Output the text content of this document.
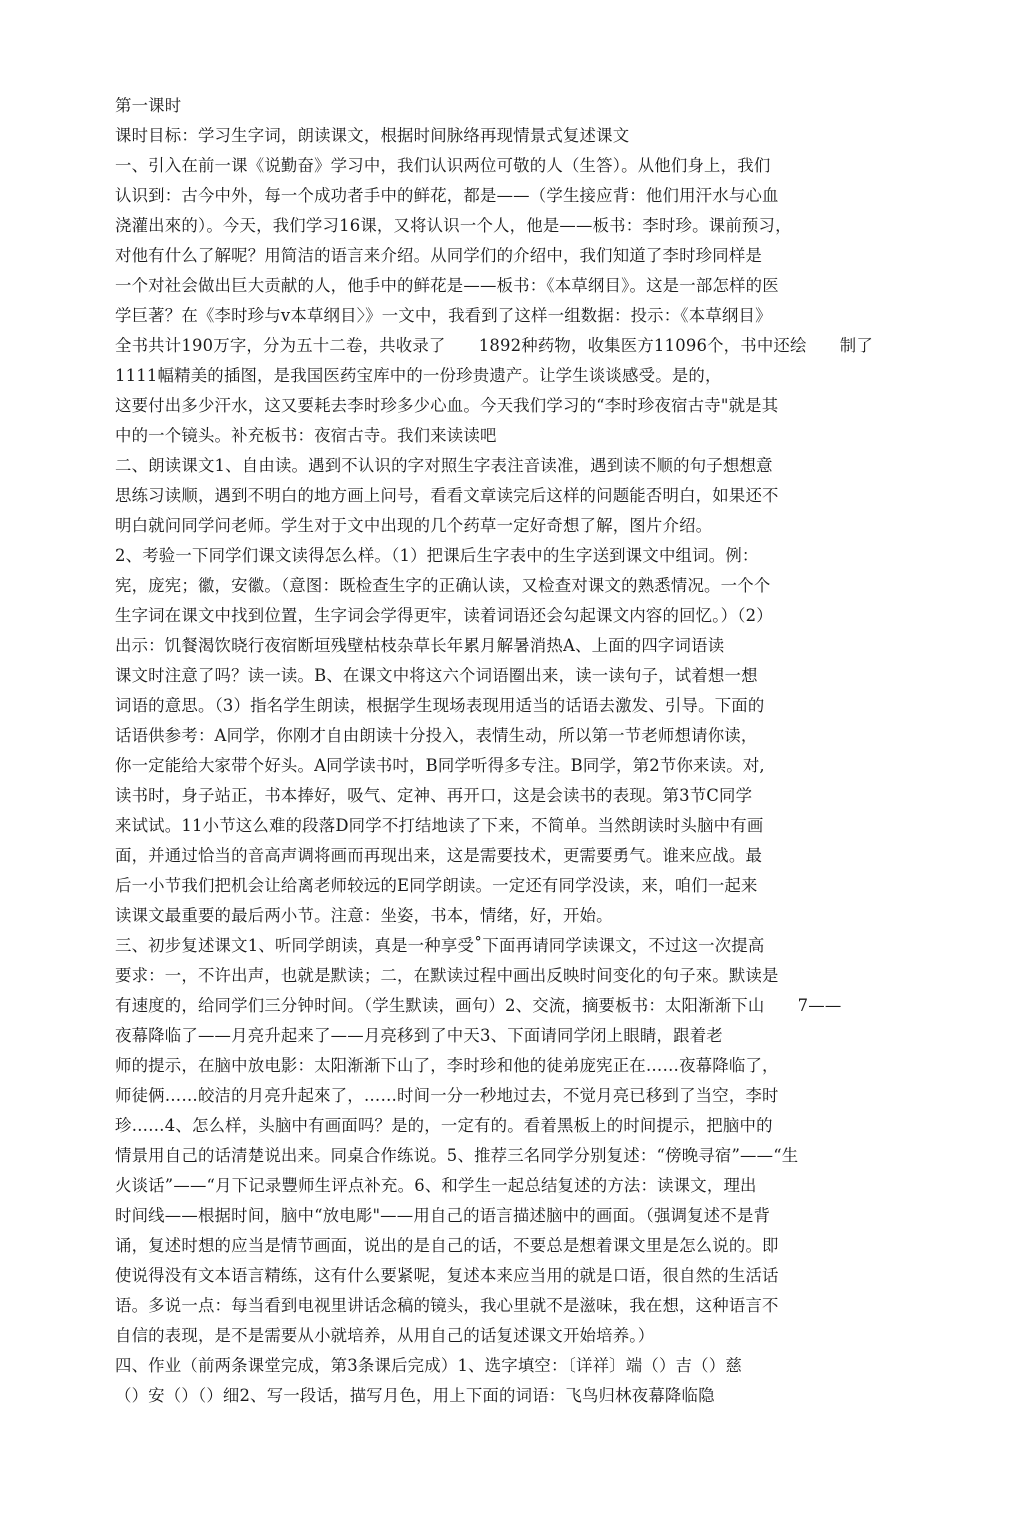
第一课时
课时目标：学习生字词，朗读课文，根据时间脉络再现情景式复述课文
一、引入在前一课《说勤奋》学习中，我们认识两位可敬的人（生答）。从他们身上，我们
认识到：古今中外，每一个成功者手中的鲜花，都是——（学生接应背：他们用汗水与心血
浇灌出來的）。今天，我们学习16课，又将认识一个人，他是——板书：李时珍。课前预习，
对他有什么了解呢？用简洁的语言来介绍。从同学们的介绍中，我们知道了李时珍同样是
一个对社会做出巨大贡献的人，他手中的鲜花是——板书：《本草纲目》。这是一部怎样的医
学巨著？在《李时珍与v本草纲目〉》一文中，我看到了这样一组数据：投示：《本草纲目》
全书共计190万字，分为五十二卷，共收录了　　1892种药物，收集医方11096个，书中还绘　　制了
1111幅精美的插图，是我国医药宝库中的一份珍贵遗产。让学生谈谈感受。是的，
这要付出多少汗水，这又要耗去李时珍多少心血。今天我们学习的“李时珍夜宿古寺"就是其
中的一个镜头。补充板书：夜宿古寺。我们来读读吧
二、朗读课文1、自由读。遇到不认识的字对照生字表注音读准，遇到读不顺的句子想想意
思练习读顺，遇到不明白的地方画上问号，看看文章读完后这样的问题能否明白，如果还不
明白就问同学问老师。学生对于文中出现的几个药草一定好奇想了解，图片介绍。
2、考验一下同学们课文读得怎么样。（1）把课后生字表中的生字送到课文中组词。例：
宪，庞宪；徽，安徽。（意图：既检查生字的正确认读，又检查对课文的熟悉情况。一个个
生字词在课文中找到位置，生字词会学得更牢，读着词语还会勾起课文内容的回忆。）（2）
出示：饥餐渴饮晓行夜宿断垣残壁枯枝杂草长年累月解暑消热A、上面的四字词语读
课文时注意了吗？读一读。B、在课文中将这六个词语圈出来，读一读句子，试着想一想
词语的意思。（3）指名学生朗读，根据学生现场表现用适当的话语去激发、引导。下面的
话语供参考：A同学，你刚才自由朗读十分投入，表情生动，所以第一节老师想请你读，
你一定能给大家带个好头。A同学读书吋，B同学听得多专注。B同学，第2节你来读。对,
读书时，身子站正，书本捧好，吸气、定神、再开口，这是会读书的表现。第3节C同学
来试试。11小节这么难的段落D同学不打结地读了下来，不简单。当然朗读时头脑中有画
面，并通过恰当的音高声调将画而再现出来，这是需要技术，更需要勇气。谁来应战。最
后一小节我们把机会让给离老师较远的E同学朗读。一定还有同学没读，来，咱们一起来
读课文最重要的最后两小节。注意：坐姿，书本，情绪，好，开始。
三、初步复述课文1、听同学朗读，真是一种享受˚下面再请同学读课文，不过这一次提高
要求：一，不许出声，也就是默读；二，在默读过程中画出反映时间变化的句子來。默读是
有速度的，给同学们三分钟时间。（学生默读，画句）2、交流，摘要板书：太阳渐渐下山　　7——
夜幕降临了——月亮升起来了——月亮移到了中天3、下面请同学闭上眼睛，跟着老
师的提示，在脑中放电影：太阳渐渐下山了，李时珍和他的徒弟庞宪正在……夜幕降临了，
师徒俩……皎洁的月亮升起來了，……时间一分一秒地过去，不觉月亮已移到了当空，李时
珍……4、怎么样，头脑中有画面吗？是的，一定有的。看着黑板上的时间提示，把脑中的
情景用自己的话清楚说出来。同桌合作练说。5、推荐三名同学分别复述：“傍晚寻宿”——“生
火谈话”——“月下记录豐师生评点补充。6、和学生一起总结复述的方法：读课文，理出
时间线——根据时间，脑中“放电彫"——用自己的语言描述脑中的画面。（强调复述不是背
诵，复述时想的应当是情节画面，说出的是自己的话，不要总是想着课文里是怎么说的。即
使说得没有文本语言精练，这有什么要紧呢，复述本来应当用的就是口语，很自然的生活话
语。多说一点：每当看到电视里讲话念稿的镜头，我心里就不是滋味，我在想，这种语言不
自信的表现，是不是需要从小就培养，从用自己的话复述课文开始培养。）
四、作业（前两条课堂完成，第3条课后完成）1、选字填空：〔详祥〕端（）吉（）慈
（）安（）（）细2、写一段话，描写月色，用上下面的词语：飞鸟归林夜幕降临隐
